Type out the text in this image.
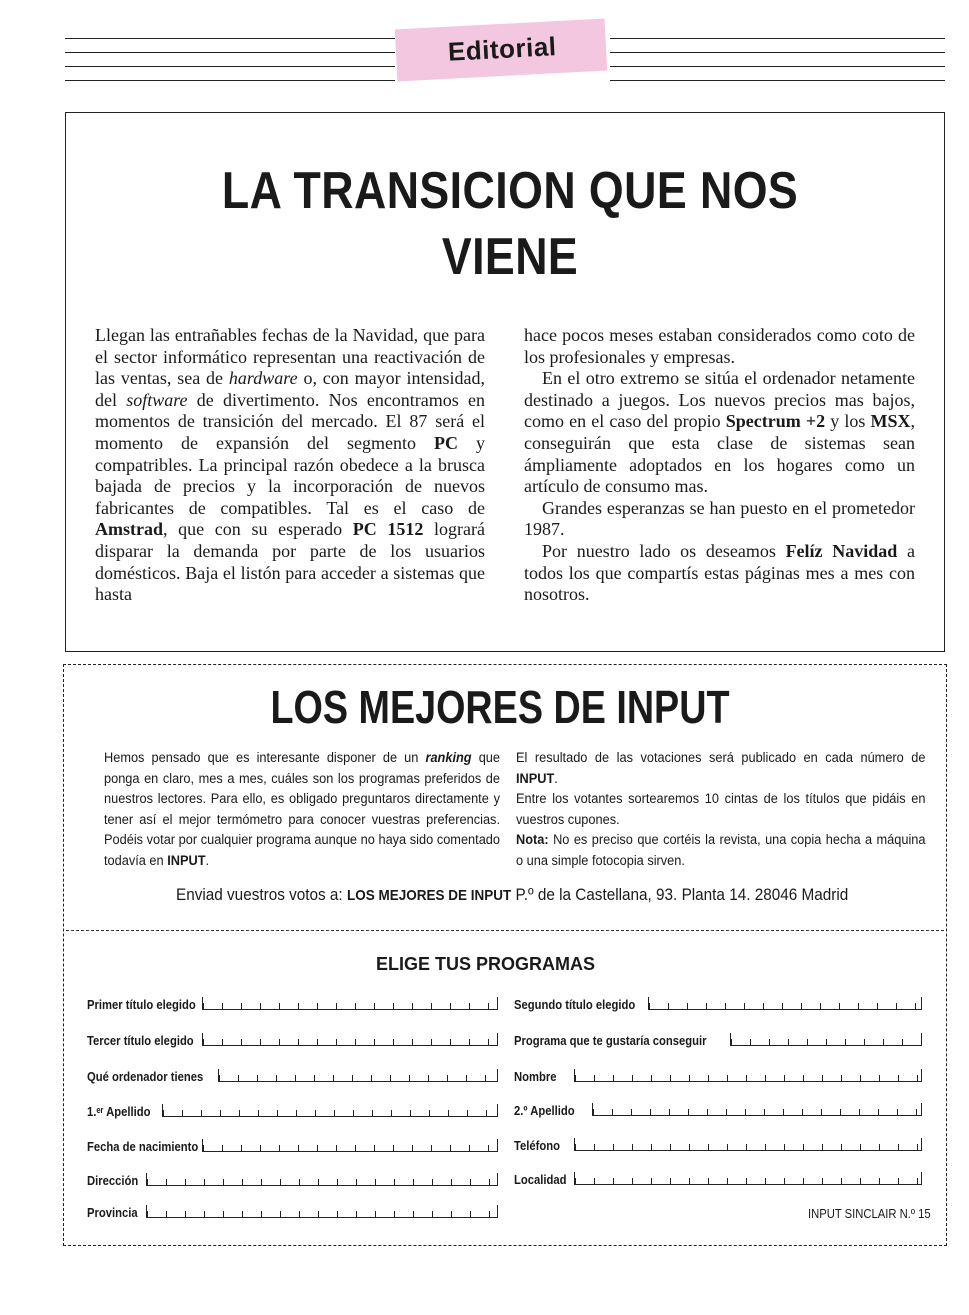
Editorial
LA TRANSICION QUE NOS
VIENE

Llegan las entrañables fechas de la Navidad, que para el sector informático representan una reactivación de las ventas, sea de hardware o, con mayor intensidad, del software de divertimento. Nos encontramos en momentos de transición del mercado. El 87 será el momento de expansión del segmento PC y compatribles. La principal razón obedece a la brusca bajada de precios y la incorporación de nuevos fabricantes de compatibles. Tal es el caso de Amstrad, que con su esperado PC 1512 logrará disparar la demanda por parte de los usuarios domésticos. Baja el listón para acceder a sistemas que hasta

hace pocos meses estaban considerados como coto de los profesionales y empresas.

En el otro extremo se sitúa el ordenador netamente destinado a juegos. Los nuevos precios mas bajos, como en el caso del propio Spectrum +2 y los MSX, conseguirán que esta clase de sistemas sean ámpliamente adoptados en los hogares como un artículo de consumo mas.

Grandes esperanzas se han puesto en el prometedor 1987.

Por nuestro lado os deseamos Felíz Navidad a todos los que compartís estas páginas mes a mes con nosotros.

LOS MEJORES DE INPUT

Hemos pensado que es interesante disponer de un ranking que ponga en claro, mes a mes, cuáles son los programas preferidos de nuestros lectores. Para ello, es obligado preguntaros directamente y tener así el mejor termómetro para conocer vuestras preferencias. Podéis votar por cualquier programa aunque no haya sido comentado todavía en INPUT.

El resultado de las votaciones será publicado en cada número de INPUT.

Entre los votantes sortearemos 10 cintas de los títulos que pidáis en vuestros cupones.

Nota: No es preciso que cortéis la revista, una copia hecha a máquina o una simple fotocopia sirven.

Enviad vuestros votos a: LOS MEJORES DE INPUT P.º de la Castellana, 93. Planta 14. 28046 Madrid
ELIGE TUS PROGRAMAS
Primer título elegido	Segundo título elegido
Tercer título elegido	Programa que te gustaría conseguir
Qué ordenador tienes	Nombre
1.ᵉʳ Apellido	2.º Apellido
Fecha de nacimiento	Teléfono
Dirección	Localidad
Provincia	INPUT SINCLAIR N.º 15
